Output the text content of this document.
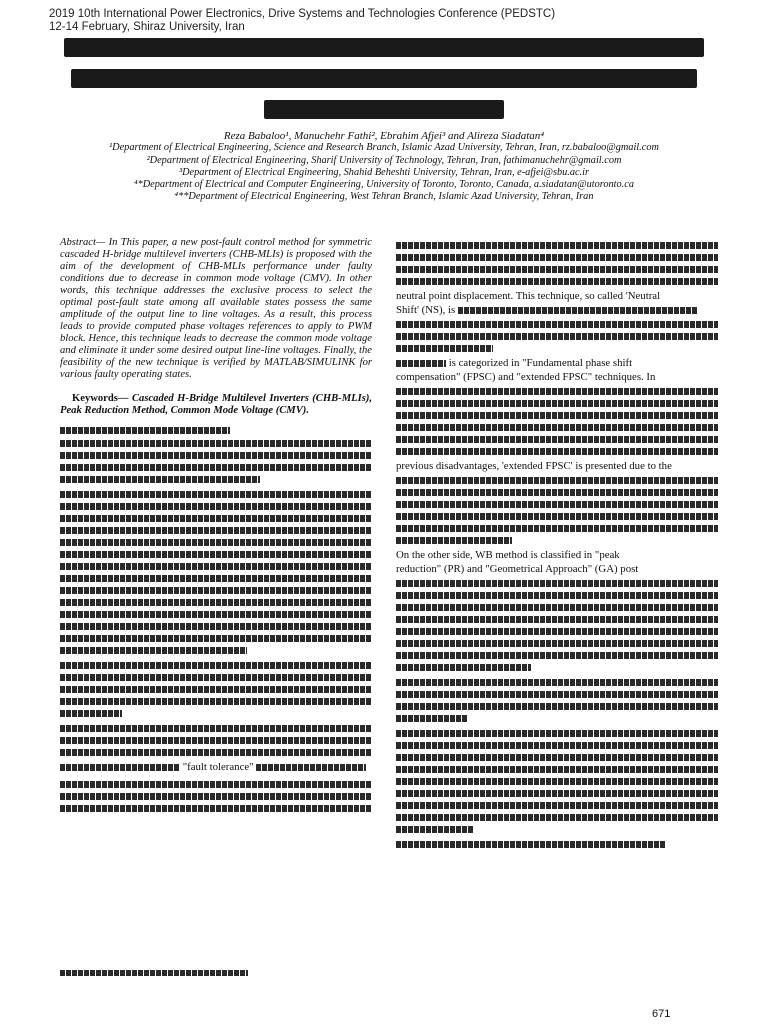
2019 10th International Power Electronics, Drive Systems and Technologies Conference (PEDSTC)
12-14 February, Shiraz University, Iran
Reza Babaloo¹, Manuchehr Fathi², Ebrahim Afjei³ and Alireza Siadatan⁴
¹Department of Electrical Engineering, Science and Research Branch, Islamic Azad University, Tehran, Iran, rz.babaloo@gmail.com
²Department of Electrical Engineering, Sharif University of Technology, Tehran, Iran, fathimanuchehr@gmail.com
³Department of Electrical Engineering, Shahid Beheshti University, Tehran, Iran, e-afjei@sbu.ac.ir
⁴*Department of Electrical and Computer Engineering, University of Toronto, Toronto, Canada, a.siadatan@utoronto.ca
⁴**Department of Electrical Engineering, West Tehran Branch, Islamic Azad University, Tehran, Iran

Abstract— In This paper, a new post-fault control method for symmetric cascaded H-bridge multilevel inverters (CHB-MLIs) is proposed with the aim of the development of CHB-MLIs performance under faulty conditions due to decrease in common mode voltage (CMV). In other words, this technique addresses the exclusive process to select the optimal post-fault state among all available states possess the same amplitude of the output line to line voltages. As a result, this process leads to provide computed phase voltages references to apply to PWM block. Hence, this technique leads to decrease the common mode voltage and eliminate it under some desired output line-line voltages. Finally, the feasibility of the new technique is verified by MATLAB/SIMULINK for various faulty operating states.

Keywords— Cascaded H-Bridge Multilevel Inverters (CHB-MLIs), Peak Reduction Method, Common Mode Voltage (CMV).

"fault tolerance"
neutral point displacement. This technique, so called 'Neutral
Shift' (NS), is
is categorized in "Fundamental phase shift
compensation" (FPSC) and "extended FPSC" techniques. In
previous disadvantages, 'extended FPSC' is presented due to the
On the other side, WB method is classified in "peak
reduction" (PR) and "Geometrical Approach" (GA) post
671
